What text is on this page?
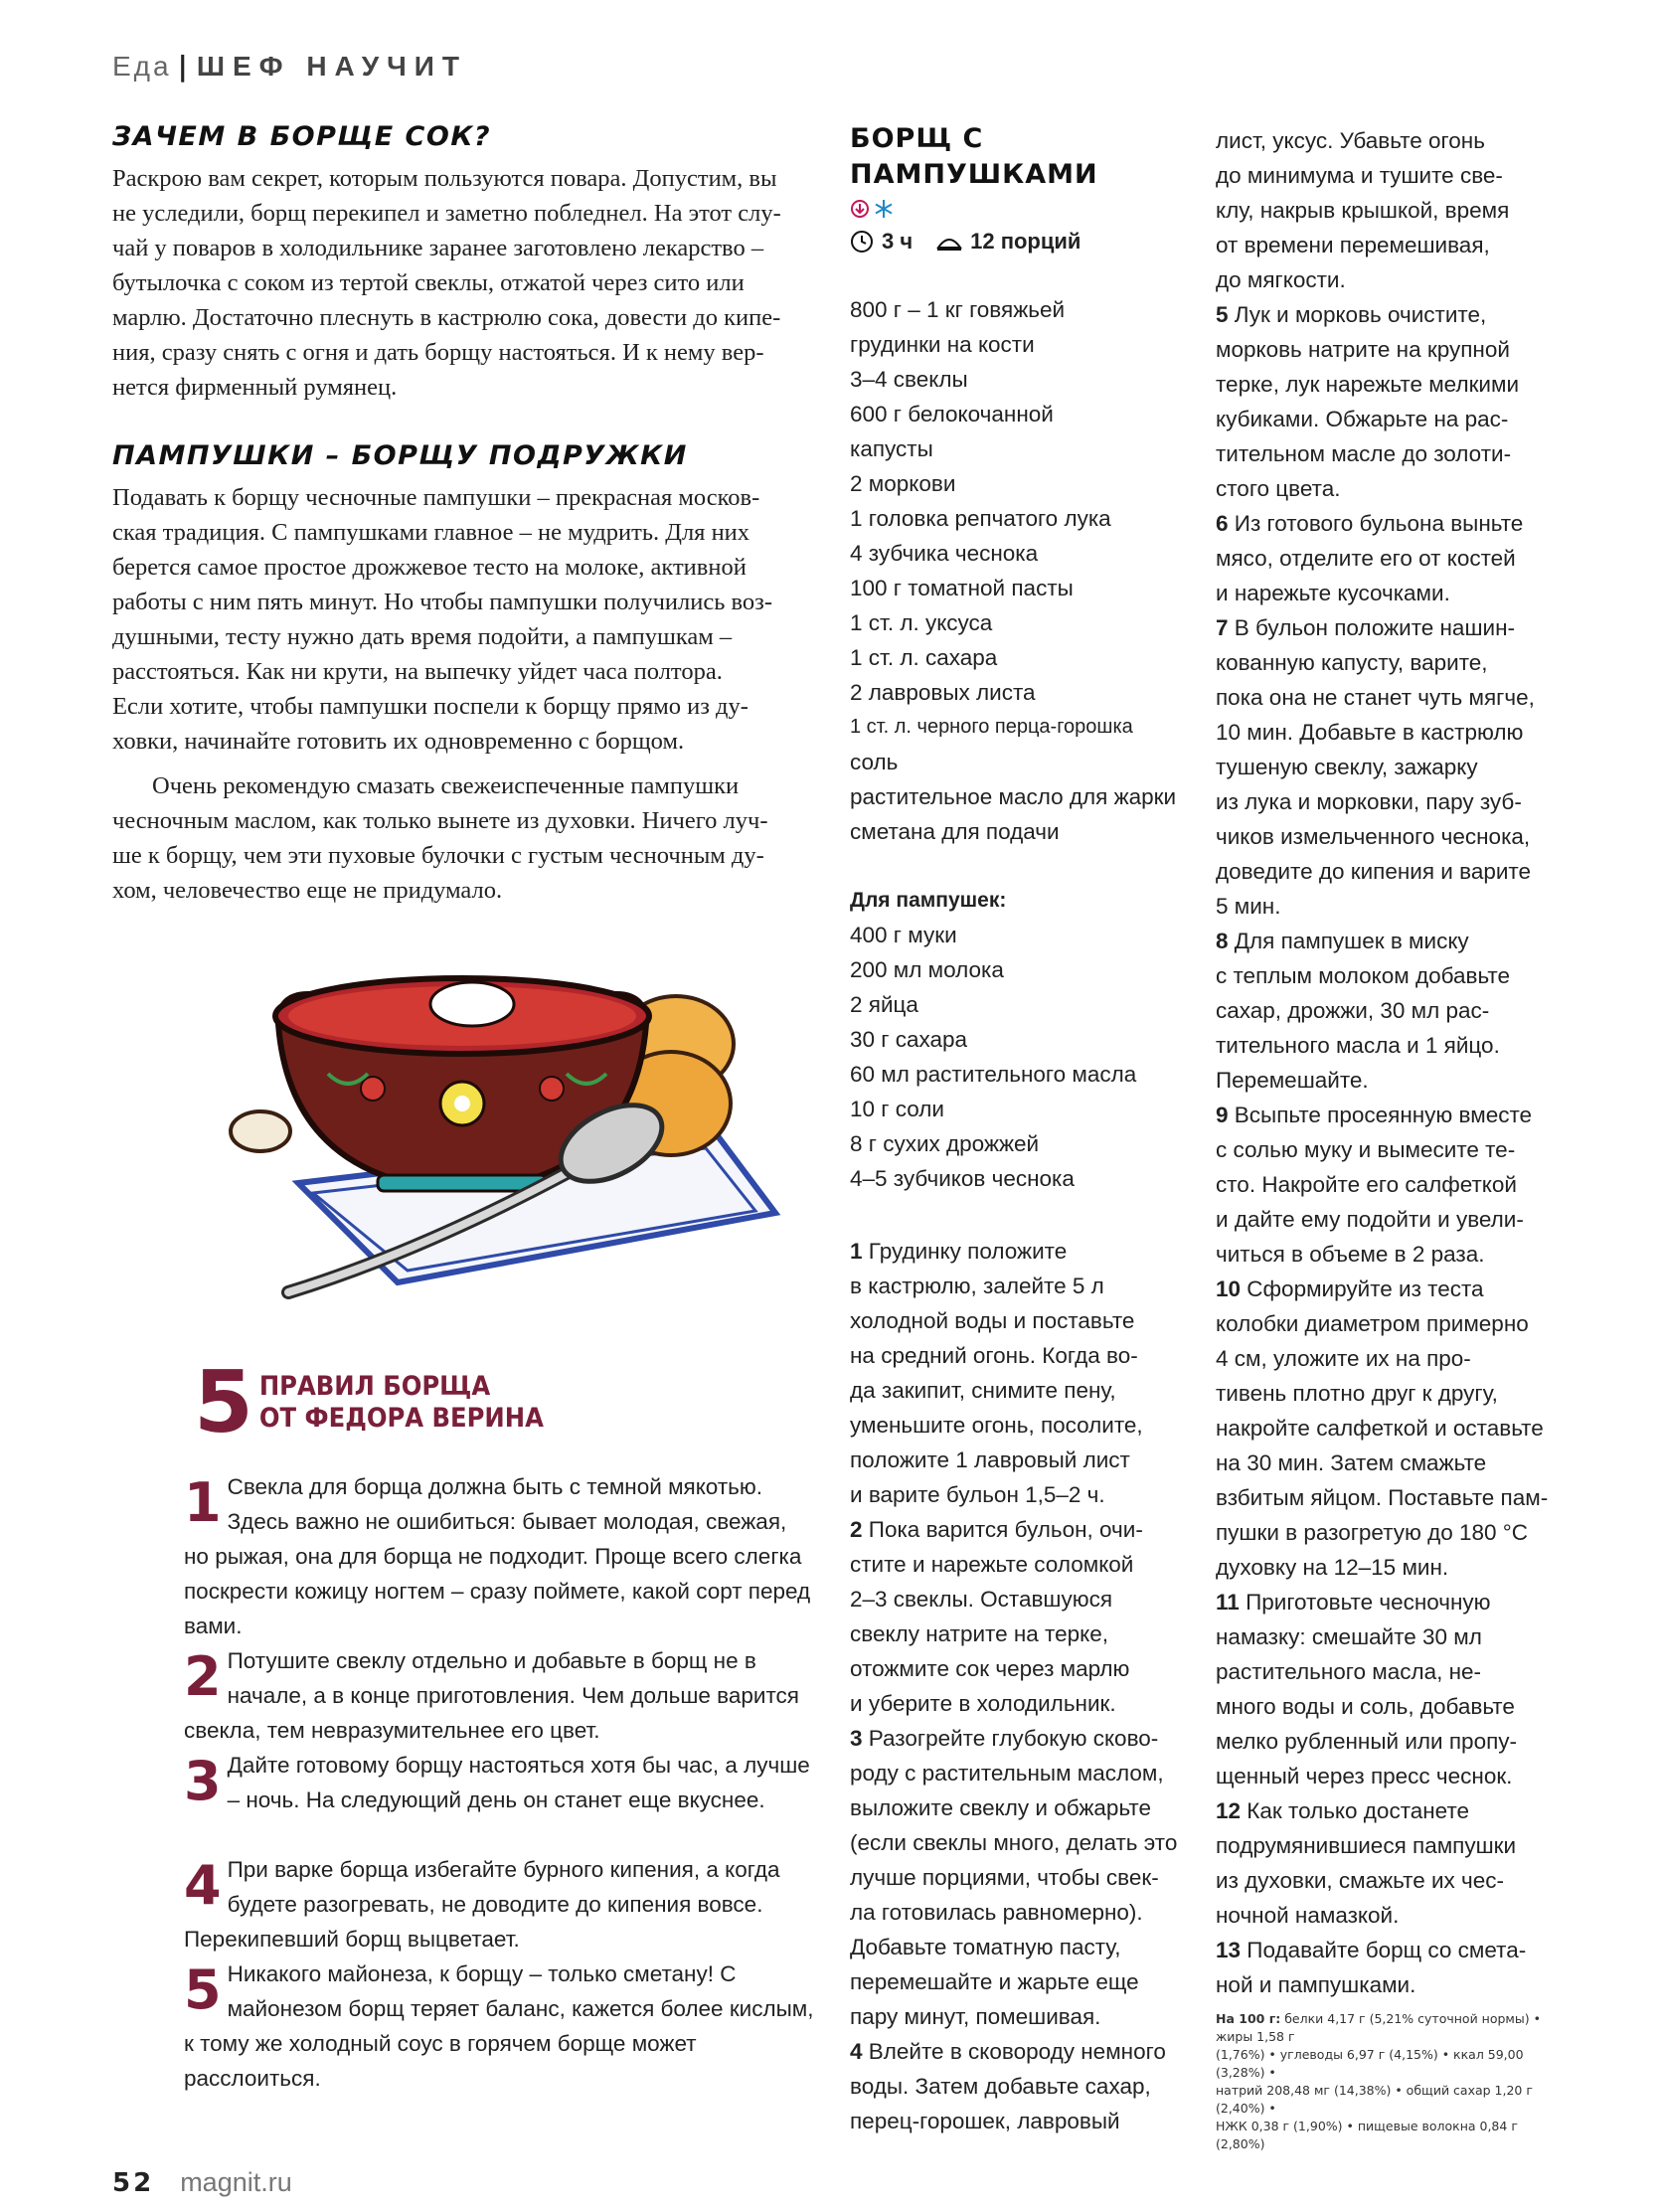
Еда | ШЕФ НАУЧИТ
ЗАЧЕМ В БОРЩЕ СОК?
Раскрою вам секрет, которым пользуются повара. Допустим, вы
не уследили, борщ перекипел и заметно побледнел. На этот слу-
чай у поваров в холодильнике заранее заготовлено лекарство –
бутылочка с соком из тертой свеклы, отжатой через сито или
марлю. Достаточно плеснуть в кастрюлю сока, довести до кипе-
ния, сразу снять с огня и дать борщу настояться. И к нему вер-
нется фирменный румянец.
ПАМПУШКИ – БОРЩУ ПОДРУЖКИ
Подавать к борщу чесночные пампушки – прекрасная москов-
ская традиция. С пампушками главное – не мудрить. Для них
берется самое простое дрожжевое тесто на молоке, активной
работы с ним пять минут. Но чтобы пампушки получились воз-
душными, тесту нужно дать время подойти, а пампушкам –
расстояться. Как ни крути, на выпечку уйдет часа полтора.
Если хотите, чтобы пампушки поспели к борщу прямо из ду-
ховки, начинайте готовить их одновременно с борщом.
Очень рекомендую смазать свежеиспеченные пампушки
чесночным маслом, как только вынете из духовки. Ничего луч-
ше к борщу, чем эти пуховые булочки с густым чесночным ду-
хом, человечество еще не придумало.
5 ПРАВИЛ БОРЩА
ОТ ФЕДОРА ВЕРИНА
1 Свекла для борща должна быть с темной мякотью. Здесь важно не ошибиться: бывает молодая, свежая, но рыжая, она для борща не подходит. Проще всего слегка поскрести кожицу ногтем – сразу поймете, какой сорт перед вами.
2 Потушите свеклу отдельно и добавьте в борщ не в начале, а в конце приготовления. Чем дольше варится свекла, тем невразумительнее его цвет.
3 Дайте готовому борщу настояться хотя бы час, а лучше – ночь. На следующий день он станет еще вкуснее.
4 При варке борща избегайте бурного кипения, а когда будете разогревать, не доводите до кипения вовсе. Перекипевший борщ выцветает.
5 Никакого майонеза, к борщу – только сметану! С майонезом борщ теряет баланс, кажется более кислым, к тому же холодный соус в горячем борще может расслоиться.
БОРЩ С ПАМПУШКАМИ
3 ч	12 порций
800 г – 1 кг говяжьей
грудинки на кости
3–4 свеклы
600 г белокочанной
капусты
2 моркови
1 головка репчатого лука
4 зубчика чеснока
100 г томатной пасты
1 ст. л. уксуса
1 ст. л. сахара
2 лавровых листа
1 ст. л. черного перца-горошка
соль
растительное масло для жарки
сметана для подачи
Для пампушек:
400 г муки
200 мл молока
2 яйца
30 г сахара
60 мл растительного масла
10 г соли
8 г сухих дрожжей
4–5 зубчиков чеснока

1 Грудинку положите

в кастрюлю, залейте 5 л

холодной воды и поставьте

на средний огонь. Когда во-

да закипит, снимите пену,

уменьшите огонь, посолите,

положите 1 лавровый лист

и варите бульон 1,5–2 ч.

2 Пока варится бульон, очи-

стите и нарежьте соломкой

2–3 свеклы. Оставшуюся

свеклу натрите на терке,

отожмите сок через марлю

и уберите в холодильник.

3 Разогрейте глубокую сково-

роду с растительным маслом,

выложите свеклу и обжарьте

(если свеклы много, делать это

лучше порциями, чтобы свек-

ла готовилась равномерно).

Добавьте томатную пасту,

перемешайте и жарьте еще

пару минут, помешивая.

4 Влейте в сковороду немного

воды. Затем добавьте сахар,

перец-горошек, лавровый

лист, уксус. Убавьте огонь

до минимума и тушите све-

клу, накрыв крышкой, время

от времени перемешивая,

до мягкости.

5 Лук и морковь очистите,

морковь натрите на крупной

терке, лук нарежьте мелкими

кубиками. Обжарьте на рас-

тительном масле до золоти-

стого цвета.

6 Из готового бульона выньте

мясо, отделите его от костей

и нарежьте кусочками.

7 В бульон положите нашин-

кованную капусту, варите,

пока она не станет чуть мягче,

10 мин. Добавьте в кастрюлю

тушеную свеклу, зажарку

из лука и морковки, пару зуб-

чиков измельченного чеснока,

доведите до кипения и варите

5 мин.

8 Для пампушек в миску

с теплым молоком добавьте

сахар, дрожжи, 30 мл рас-

тительного масла и 1 яйцо.

Перемешайте.

9 Всыпьте просеянную вместе

с солью муку и вымесите те-

сто. Накройте его салфеткой

и дайте ему подойти и увели-

читься в объеме в 2 раза.

10 Сформируйте из теста

колобки диаметром примерно

4 см, уложите их на про-

тивень плотно друг к другу,

накройте салфеткой и оставьте

на 30 мин. Затем смажьте

взбитым яйцом. Поставьте пам-

пушки в разогретую до 180 °С

духовку на 12–15 мин.

11 Приготовьте чесночную

намазку: смешайте 30 мл

растительного масла, не-

много воды и соль, добавьте

мелко рубленный или пропу-

щенный через пресс чеснок.

12 Как только достанете

подрумянившиеся пампушки

из духовки, смажьте их чес-

ночной намазкой.

13 Подавайте борщ со смета-

ной и пампушками.

На 100 г: белки 4,17 г (5,21% суточной нормы) • жиры 1,58 г
(1,76%) • углеводы 6,97 г (4,15%) • ккал 59,00 (3,28%) •
натрий 208,48 мг (14,38%) • общий сахар 1,20 г (2,40%) •
НЖК 0,38 г (1,90%) • пищевые волокна 0,84 г (2,80%)
52 magnit.ru
